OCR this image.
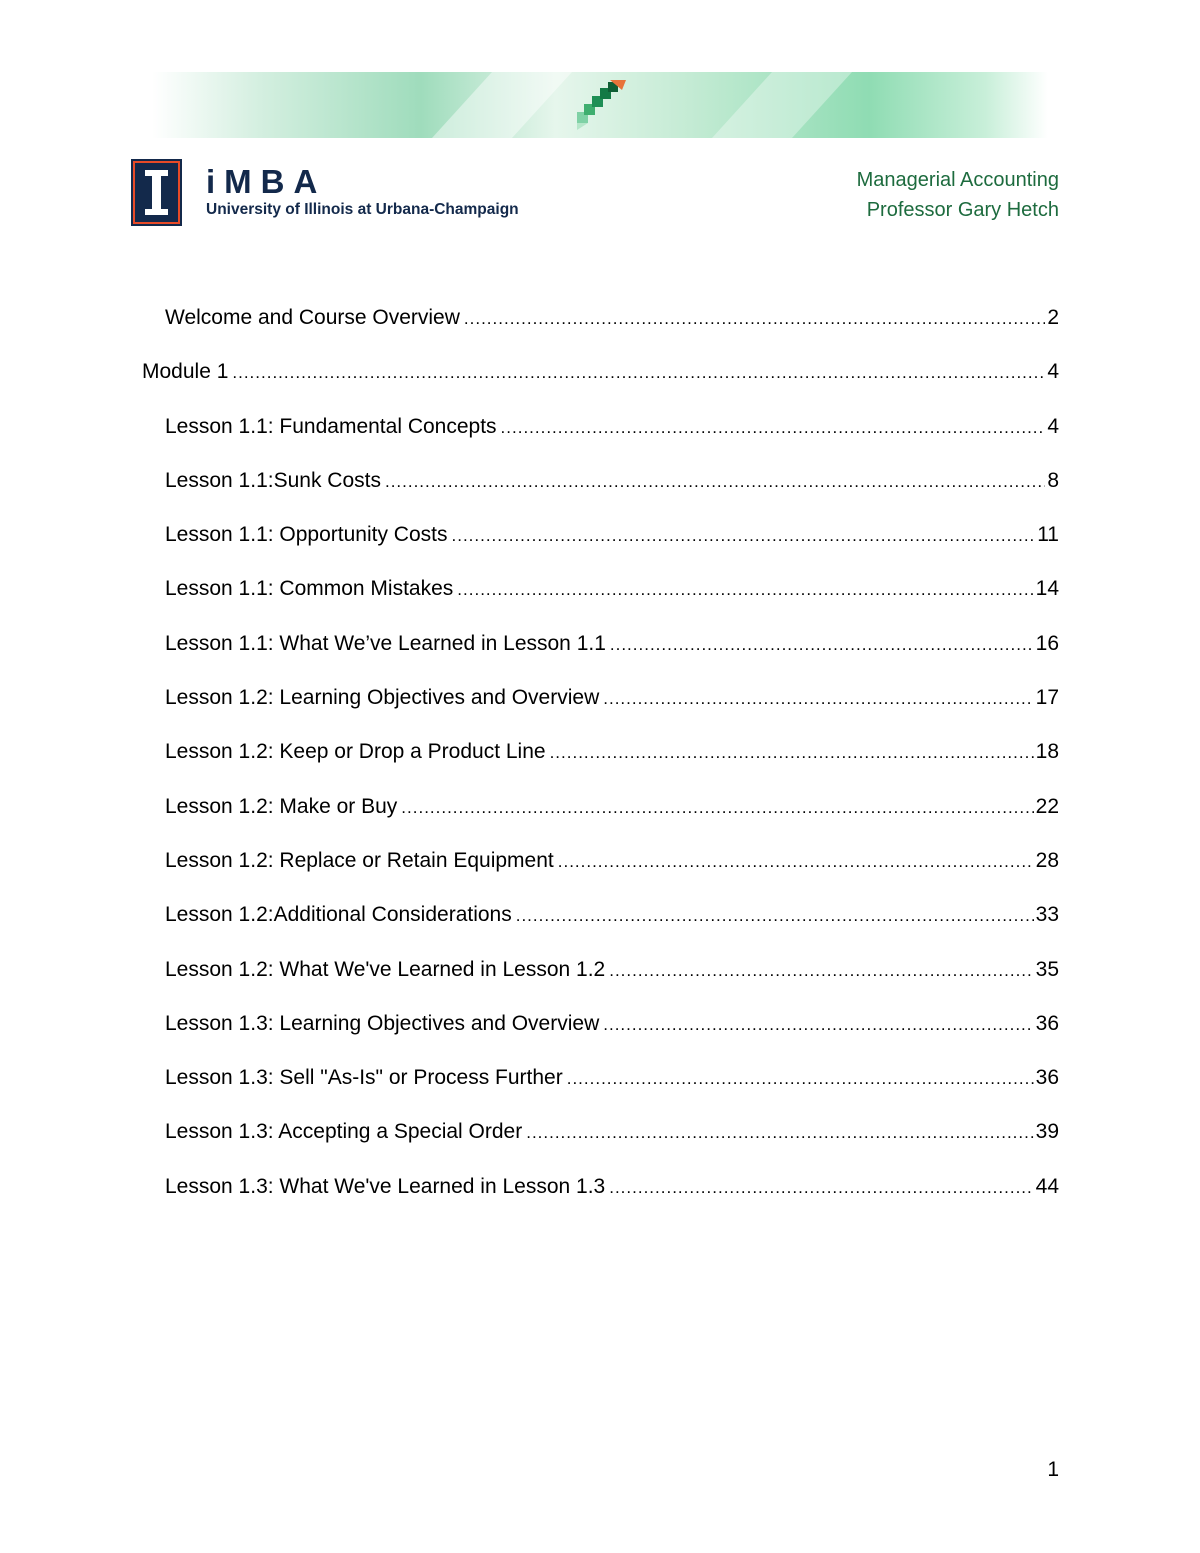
iMBA
University of Illinois at Urbana-Champaign
Managerial Accounting
Professor Gary Hetch
Welcome and Course Overview .....	2
Module 1 .....	4
Lesson 1.1: Fundamental Concepts .....	4
Lesson 1.1:Sunk Costs .....	8
Lesson 1.1: Opportunity Costs .....	11
Lesson 1.1: Common Mistakes .....	14
Lesson 1.1: What We’ve Learned in Lesson 1.1 .....	16
Lesson 1.2: Learning Objectives and Overview .....	17
Lesson 1.2: Keep or Drop a Product Line .....	18
Lesson 1.2: Make or Buy .....	22
Lesson 1.2: Replace or Retain Equipment .....	28
Lesson 1.2:Additional Considerations .....	33
Lesson 1.2: What We've Learned in Lesson 1.2 .....	35
Lesson 1.3: Learning Objectives and Overview .....	36
Lesson 1.3: Sell "As-Is" or Process Further .....	36
Lesson 1.3: Accepting a Special Order .....	39
Lesson 1.3: What We've Learned in Lesson 1.3 .....	44
1
